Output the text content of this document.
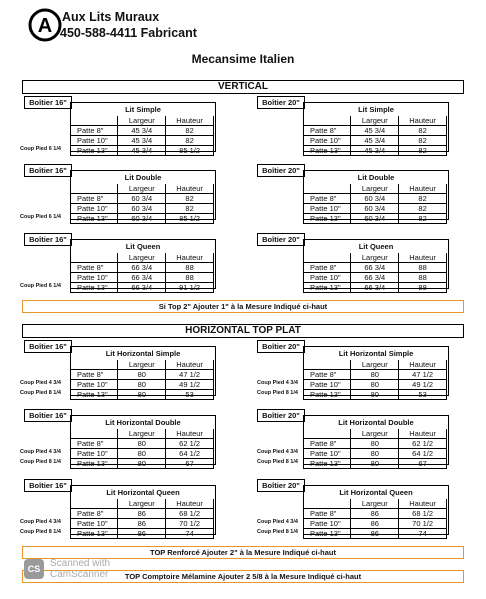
A Aux Lits Muraux
450-588-4411 Fabricant
Mecansime Italien
VERTICAL
Boîtier 16"
Lit Simple
	Largeur	Hauteur
Patte 8"	45 3/4	82
Patte 10"	45 3/4	82
Patte 13"	45 3/4	85 1/2
Coup Pied 6 1/4
Boîtier 20"
Lit Simple
	Largeur	Hauteur
Patte 8"	45 3/4	82
Patte 10"	45 3/4	82
Patte 13"	45 3/4	82
Boîtier 16"
Lit Double
	Largeur	Hauteur
Patte 8"	60 3/4	82
Patte 10"	60 3/4	82
Patte 13"	60 3/4	85 1/2
Coup Pied 6 1/4
Boîtier 20"
Lit Double
	Largeur	Hauteur
Patte 8"	60 3/4	82
Patte 10"	60 3/4	82
Patte 13"	60 3/4	82
Boîtier 16"
Lit Queen
	Largeur	Hauteur
Patte 8"	66 3/4	88
Patte 10"	66 3/4	88
Patte 13"	66 3/4	91 1/2
Coup Pied 6 1/4
Boîtier 20"
Lit Queen
	Largeur	Hauteur
Patte 8"	66 3/4	88
Patte 10"	66 3/4	88
Patte 13"	66 3/4	88
Si Top 2" Ajouter 1" à la Mesure Indiqué ci-haut
HORIZONTAL TOP PLAT
Boîtier 16"
Lit Horizontal Simple
	Largeur	Hauteur
Patte 8"	80	47 1/2
Patte 10"	80	49 1/2
Patte 13"	80	53
Coup Pied 4 3/4
Coup Pied 8 1/4
Boîtier 20"
Lit Horizontal Simple
	Largeur	Hauteur
Patte 8"	80	47 1/2
Patte 10"	80	49 1/2
Patte 13"	80	53
Coup Pied 4 3/4
Coup Pied 8 1/4
Boîtier 16"
Lit Horizontal Double
	Largeur	Hauteur
Patte 8"	80	62 1/2
Patte 10"	80	64 1/2
Patte 13"	80	67
Coup Pied 4 3/4
Coup Pied 8 1/4
Boîtier 20"
Lit Horizontal Double
	Largeur	Hauteur
Patte 8"	80	62 1/2
Patte 10"	80	64 1/2
Patte 13"	80	67
Coup Pied 4 3/4
Coup Pied 8 1/4
Boîtier 16"
Lit Horizontal Queen
	Largeur	Hauteur
Patte 8"	86	68 1/2
Patte 10"	86	70 1/2
Patte 13"	86	74
Coup Pied 4 3/4
Coup Pied 8 1/4
Boîtier 20"
Lit Horizontal Queen
	Largeur	Hauteur
Patte 8"	86	68 1/2
Patte 10"	86	70 1/2
Patte 13"	86	74
Coup Pied 4 3/4
Coup Pied 8 1/4
TOP Renforcé Ajouter 2" à la Mesure Indiqué ci-haut
TOP Comptoire Mélamine Ajouter 2 5/8 à la Mesure Indiqué ci-haut
CS Scanned with
CamScanner
